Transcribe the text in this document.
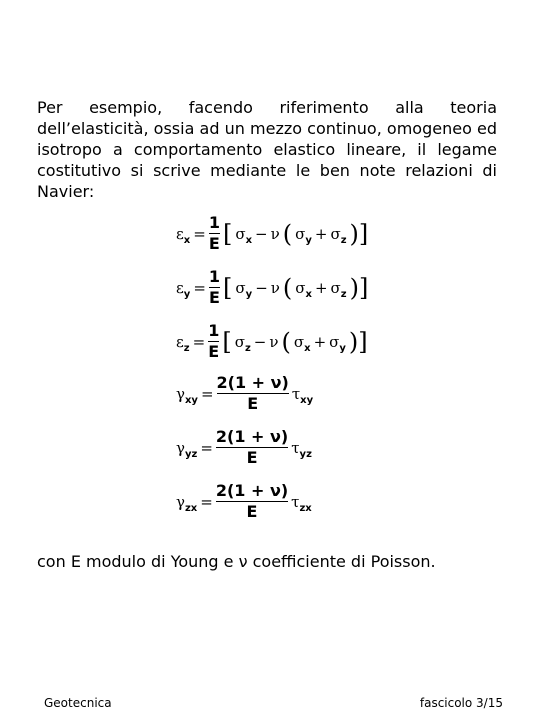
Per esempio, facendo riferimento alla teoria dell’elasticità, ossia ad un mezzo continuo, omogeneo ed isotropo a comportamento elastico lineare, il legame costitutivo si scrive mediante le ben note relazioni di Navier:
$\varepsilon_x = \frac{1}{E}$ [ $\sigma_x - \nu$ ( $\sigma_y + \sigma_z$ )]
$\varepsilon_y = \frac{1}{E}$ [ $\sigma_y - \nu$ ( $\sigma_x + \sigma_z$ )]
$\varepsilon_z = \frac{1}{E}$ [ $\sigma_z - \nu$ ( $\sigma_x + \sigma_y$ )]
$\gamma_{xy} = \frac{2(1 + \nu)}{E} \tau_{xy}$
$\gamma_{yz} = \frac{2(1 + \nu)}{E} \tau_{yz}$
$\gamma_{zx} = \frac{2(1 + \nu)}{E} \tau_{zx}$
con E modulo di Young e ν coefficiente di Poisson.
Geotecnica	fascicolo 3/15
